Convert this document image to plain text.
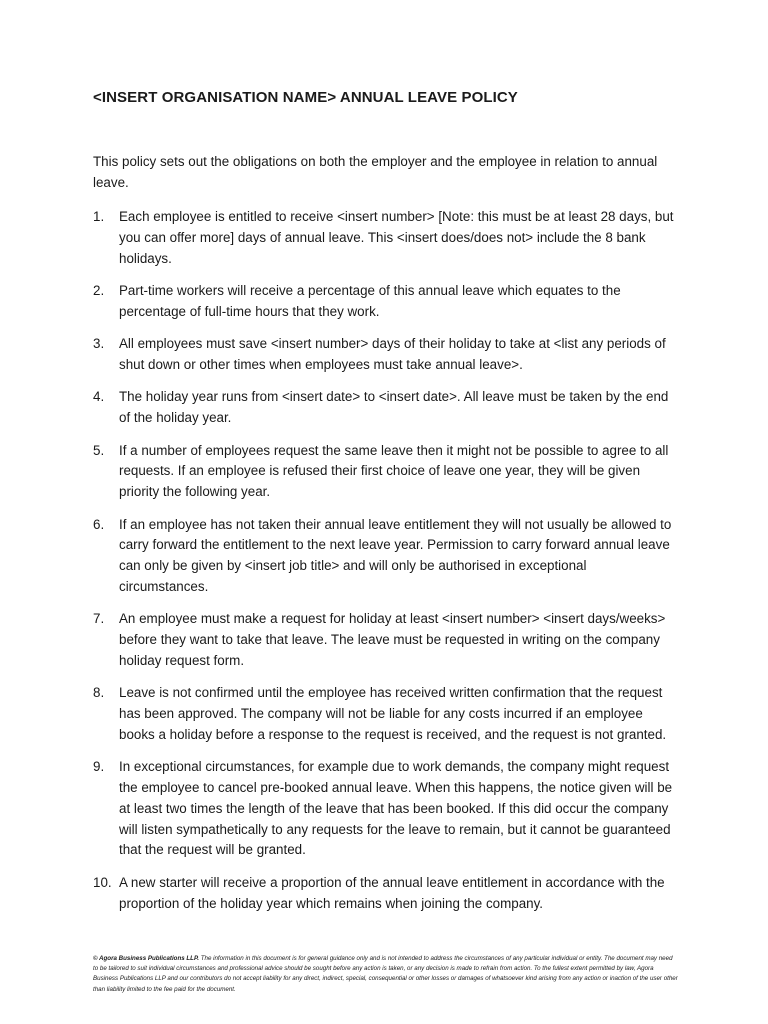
<INSERT ORGANISATION NAME> ANNUAL LEAVE POLICY

This policy sets out the obligations on both the employer and the employee in relation to annual leave.

1.	Each employee is entitled to receive <insert number> [Note: this must be at least 28 days, but you can offer more] days of annual leave. This <insert does/does not> include the 8 bank holidays.
2.	Part-time workers will receive a percentage of this annual leave which equates to the percentage of full-time hours that they work.
3.	All employees must save <insert number> days of their holiday to take at <list any periods of shut down or other times when employees must take annual leave>.
4.	The holiday year runs from <insert date> to <insert date>. All leave must be taken by the end of the holiday year.
5.	If a number of employees request the same leave then it might not be possible to agree to all requests. If an employee is refused their first choice of leave one year, they will be given priority the following year.
6.	If an employee has not taken their annual leave entitlement they will not usually be allowed to carry forward the entitlement to the next leave year. Permission to carry forward annual leave can only be given by <insert job title> and will only be authorised in exceptional circumstances.
7.	An employee must make a request for holiday at least <insert number> <insert days/weeks> before they want to take that leave. The leave must be requested in writing on the company holiday request form.
8.	Leave is not confirmed until the employee has received written confirmation that the request has been approved. The company will not be liable for any costs incurred if an employee books a holiday before a response to the request is received, and the request is not granted.
9.	In exceptional circumstances, for example due to work demands, the company might request the employee to cancel pre-booked annual leave. When this happens, the notice given will be at least two times the length of the leave that has been booked. If this did occur the company will listen sympathetically to any requests for the leave to remain, but it cannot be guaranteed that the request will be granted.
10. A new starter will receive a proportion of the annual leave entitlement in accordance with the proportion of the holiday year which remains when joining the company.

© Agora Business Publications LLP. The information in this document is for general guidance only and is not intended to address the circumstances of any particular individual or entity. The document may need to be tailored to suit individual circumstances and professional advice should be sought before any action is taken, or any decision is made to refrain from action. To the fullest extent permitted by law, Agora Business Publications LLP and our contributors do not accept liability for any direct, indirect, special, consequential or other losses or damages of whatsoever kind arising from any action or inaction of the user other than liability limited to the fee paid for the document.
